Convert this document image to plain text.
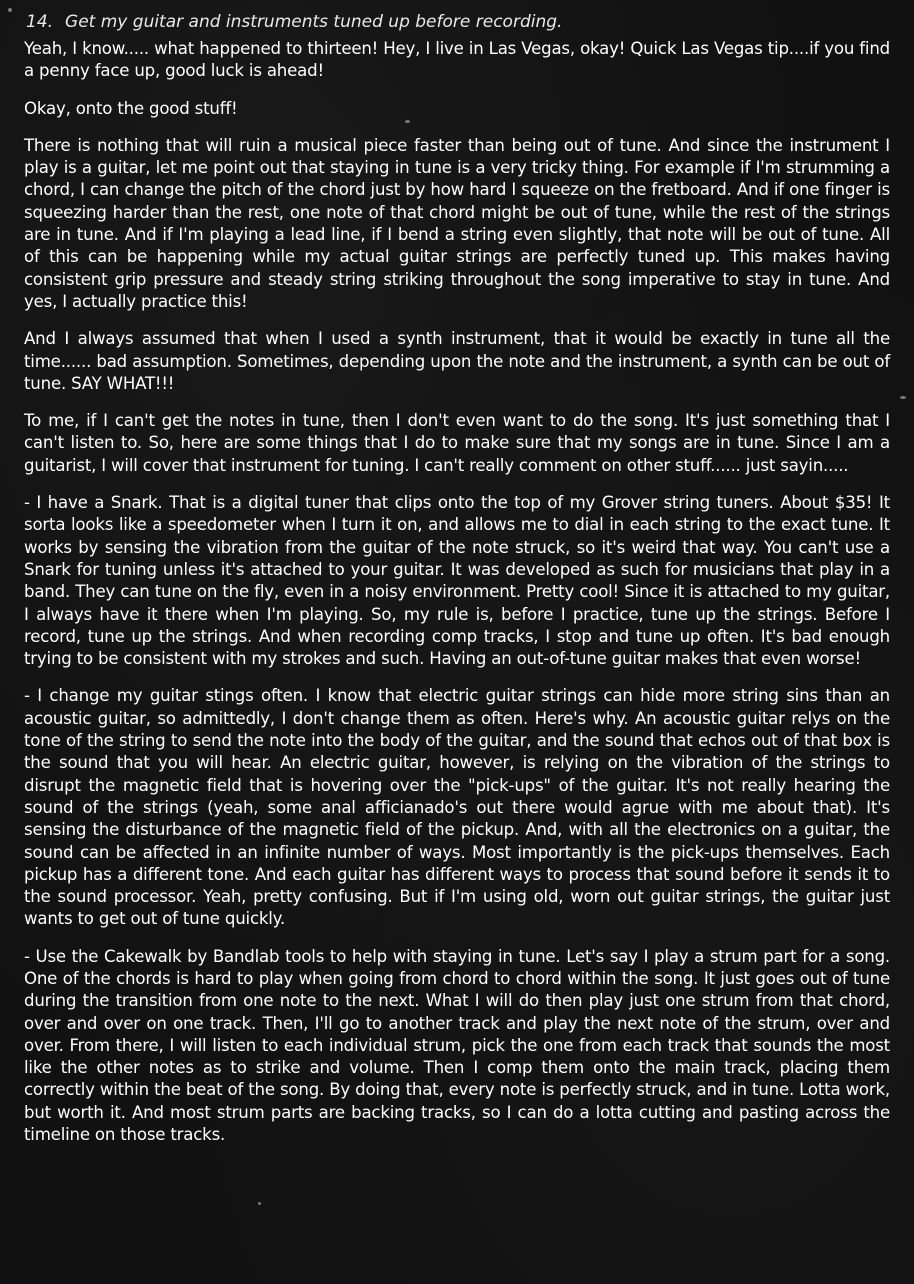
14. Get my guitar and instruments tuned up before recording.

Yeah, I know..... what happened to thirteen! Hey, I live in Las Vegas, okay! Quick Las Vegas tip....if you find a penny face up, good luck is ahead!

Okay, onto the good stuff!

There is nothing that will ruin a musical piece faster than being out of tune. And since the instrument I play is a guitar, let me point out that staying in tune is a very tricky thing. For example if I'm strumming a chord, I can change the pitch of the chord just by how hard I squeeze on the fretboard. And if one finger is squeezing harder than the rest, one note of that chord might be out of tune, while the rest of the strings are in tune. And if I'm playing a lead line, if I bend a string even slightly, that note will be out of tune. All of this can be happening while my actual guitar strings are perfectly tuned up. This makes having consistent grip pressure and steady string striking throughout the song imperative to stay in tune. And yes, I actually practice this!

And I always assumed that when I used a synth instrument, that it would be exactly in tune all the time...... bad assumption. Sometimes, depending upon the note and the instrument, a synth can be out of tune. SAY WHAT!!!

To me, if I can't get the notes in tune, then I don't even want to do the song. It's just something that I can't listen to. So, here are some things that I do to make sure that my songs are in tune. Since I am a guitarist, I will cover that instrument for tuning. I can't really comment on other stuff...... just sayin.....

- I have a Snark. That is a digital tuner that clips onto the top of my Grover string tuners. About $35! It sorta looks like a speedometer when I turn it on, and allows me to dial in each string to the exact tune. It works by sensing the vibration from the guitar of the note struck, so it's weird that way. You can't use a Snark for tuning unless it's attached to your guitar. It was developed as such for musicians that play in a band. They can tune on the fly, even in a noisy environment. Pretty cool! Since it is attached to my guitar, I always have it there when I'm playing. So, my rule is, before I practice, tune up the strings. Before I record, tune up the strings. And when recording comp tracks, I stop and tune up often. It's bad enough trying to be consistent with my strokes and such. Having an out-of-tune guitar makes that even worse!

- I change my guitar stings often. I know that electric guitar strings can hide more string sins than an acoustic guitar, so admittedly, I don't change them as often. Here's why. An acoustic guitar relys on the tone of the string to send the note into the body of the guitar, and the sound that echos out of that box is the sound that you will hear. An electric guitar, however, is relying on the vibration of the strings to disrupt the magnetic field that is hovering over the "pick-ups" of the guitar. It's not really hearing the sound of the strings (yeah, some anal afficianado's out there would agrue with me about that). It's sensing the disturbance of the magnetic field of the pickup. And, with all the electronics on a guitar, the sound can be affected in an infinite number of ways. Most importantly is the pick-ups themselves. Each pickup has a different tone. And each guitar has different ways to process that sound before it sends it to the sound processor. Yeah, pretty confusing. But if I'm using old, worn out guitar strings, the guitar just wants to get out of tune quickly.

- Use the Cakewalk by Bandlab tools to help with staying in tune. Let's say I play a strum part for a song. One of the chords is hard to play when going from chord to chord within the song. It just goes out of tune during the transition from one note to the next. What I will do then play just one strum from that chord, over and over on one track. Then, I'll go to another track and play the next note of the strum, over and over. From there, I will listen to each individual strum, pick the one from each track that sounds the most like the other notes as to strike and volume. Then I comp them onto the main track, placing them correctly within the beat of the song. By doing that, every note is perfectly struck, and in tune. Lotta work, but worth it. And most strum parts are backing tracks, so I can do a lotta cutting and pasting across the timeline on those tracks.
